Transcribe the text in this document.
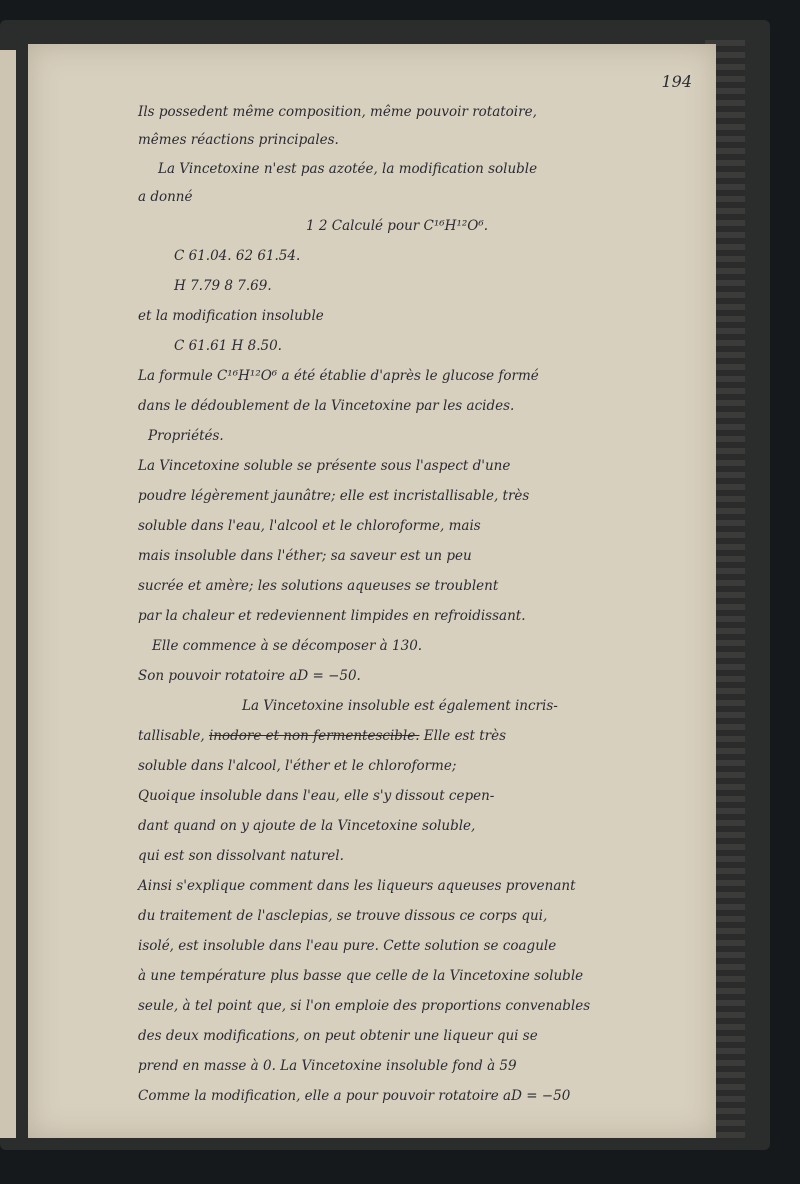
194
Ils possedent même composition, même pouvoir rotatoire,
mêmes réactions principales.
La Vincetoxine n'est pas azotée, la modification soluble
a donné
1 2 Calculé pour C¹⁶H¹²O⁶.
C 61.04. 62 61.54.
H 7.79 8 7.69.
et la modification insoluble
C 61.61 H 8.50.
La formule C¹⁶H¹²O⁶ a été établie d'après le glucose formé
dans le dédoublement de la Vincetoxine par les acides.
Propriétés.
La Vincetoxine soluble se présente sous l'aspect d'une
poudre légèrement jaunâtre; elle est incristallisable, très
soluble dans l'eau, l'alcool et le chloroforme, mais
mais insoluble dans l'éther; sa saveur est un peu
sucrée et amère; les solutions aqueuses se troublent
par la chaleur et redeviennent limpides en refroidissant.
Elle commence à se décomposer à 130.
Son pouvoir rotatoire aD = −50.
La Vincetoxine insoluble est également incris-
tallisable, inodore et non fermentescible. Elle est très
soluble dans l'alcool, l'éther et le chloroforme;
Quoique insoluble dans l'eau, elle s'y dissout cepen-
dant quand on y ajoute de la Vincetoxine soluble,
qui est son dissolvant naturel.
Ainsi s'explique comment dans les liqueurs aqueuses provenant
du traitement de l'asclepias, se trouve dissous ce corps qui,
isolé, est insoluble dans l'eau pure. Cette solution se coagule
à une température plus basse que celle de la Vincetoxine soluble
seule, à tel point que, si l'on emploie des proportions convenables
des deux modifications, on peut obtenir une liqueur qui se
prend en masse à 0. La Vincetoxine insoluble fond à 59
Comme la modification, elle a pour pouvoir rotatoire aD = −50
